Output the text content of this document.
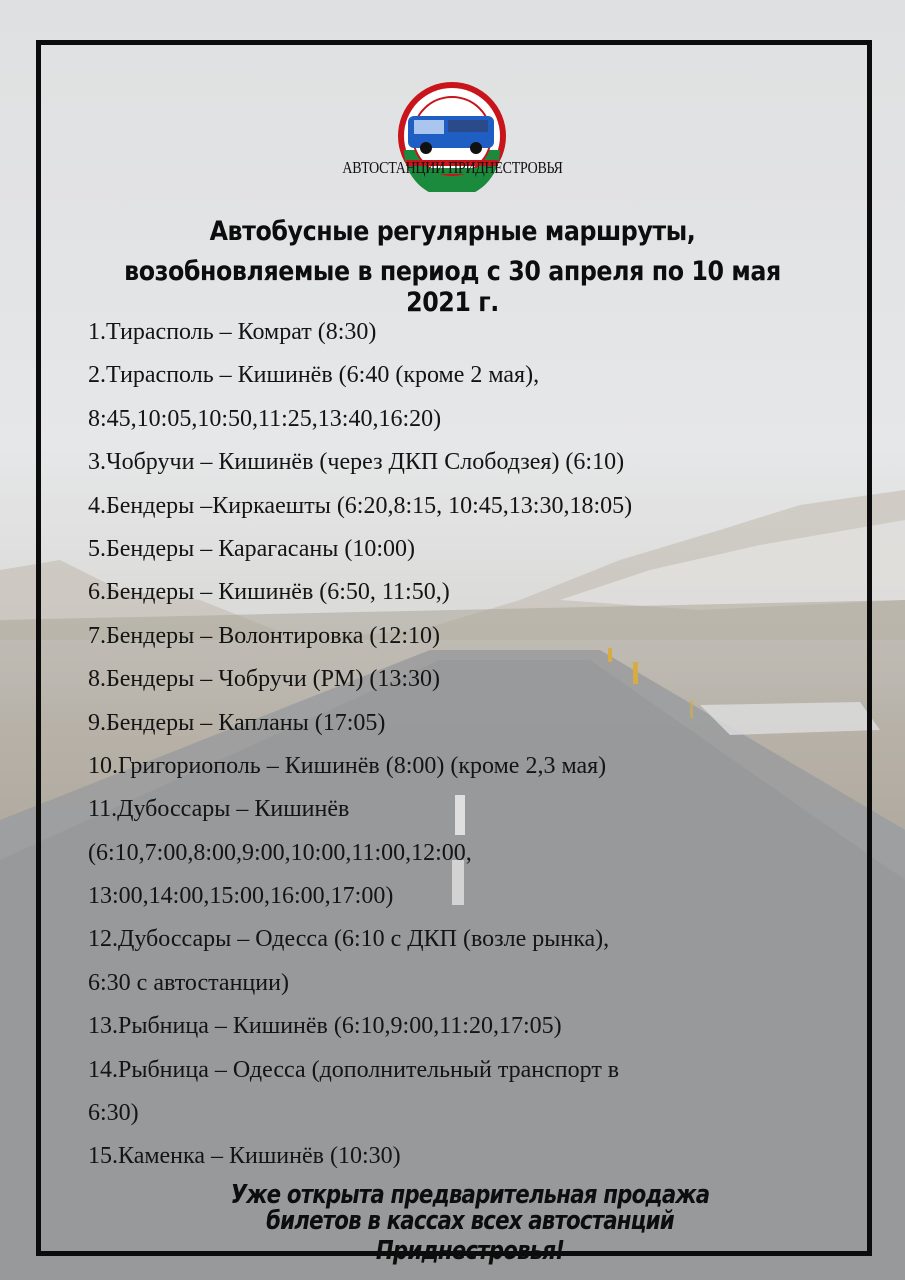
АВТОСТАНЦИИ ПРИДНЕСТРОВЬЯ
Автобусные регулярные маршруты,
возобновляемые в период с 30 апреля по 10 мая 2021 г.
1.Тирасполь – Комрат (8:30)
2.Тирасполь – Кишинёв (6:40 (кроме 2 мая),
8:45,10:05,10:50,11:25,13:40,16:20)
3.Чобручи – Кишинёв (через ДКП Слободзея) (6:10)
4.Бендеры –Киркаешты (6:20,8:15, 10:45,13:30,18:05)
5.Бендеры – Карагасаны (10:00)
6.Бендеры – Кишинёв (6:50, 11:50,)
7.Бендеры – Волонтировка (12:10)
8.Бендеры – Чобручи (РМ) (13:30)
9.Бендеры – Капланы (17:05)
10.Григориополь – Кишинёв (8:00) (кроме 2,3 мая)
11.Дубоссары – Кишинёв
(6:10,7:00,8:00,9:00,10:00,11:00,12:00,
13:00,14:00,15:00,16:00,17:00)
12.Дубоссары – Одесса (6:10 с ДКП (возле рынка),
6:30 с автостанции)
13.Рыбница – Кишинёв (6:10,9:00,11:20,17:05)
14.Рыбница – Одесса (дополнительный транспорт в
6:30)
15.Каменка – Кишинёв (10:30)
Уже открыта предварительная продажа
билетов в кассах всех автостанций Приднестровья!
